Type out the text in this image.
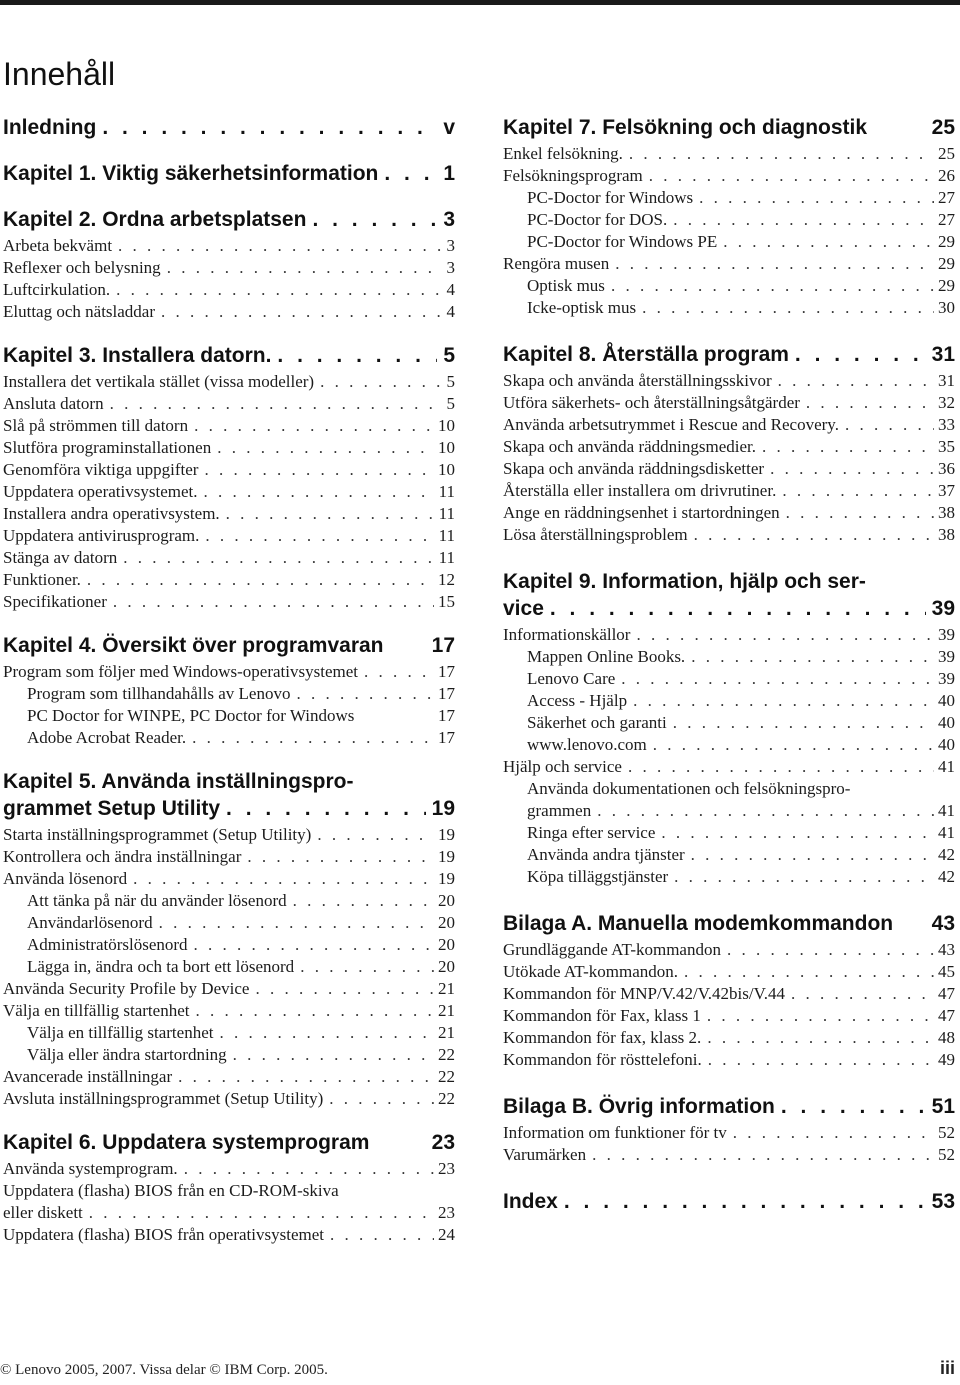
Innehåll
Inledning . . .	v
Kapitel 1. Viktig säkerhetsinformation . . .	1
Kapitel 2. Ordna arbetsplatsen . . .	3
Arbeta bekvämt . . .	3
Reflexer och belysning . . .	3
Luftcirkulation. . . .	4
Eluttag och nätsladdar . . .	4
Kapitel 3. Installera datorn. . . .	5
Installera det vertikala stället (vissa modeller) . . .	5
Ansluta datorn . . .	5
Slå på strömmen till datorn . . .	10
Slutföra programinstallationen . . .	10
Genomföra viktiga uppgifter . . .	10
Uppdatera operativsystemet. . . .	11
Installera andra operativsystem. . . .	11
Uppdatera antivirusprogram. . . .	11
Stänga av datorn . . .	11
Funktioner. . . .	12
Specifikationer . . .	15
Kapitel 4. Översikt över programvaran 17
Program som följer med Windows-operativsystemet . . .	17
Program som tillhandahålls av Lenovo . . .	17
PC Doctor for WINPE, PC Doctor for Windows	17
Adobe Acrobat Reader. . . .	17
Kapitel 5. Använda inställningspro-
grammet Setup Utility . . .	19
Starta inställningsprogrammet (Setup Utility) . . .	19
Kontrollera och ändra inställningar . . .	19
Använda lösenord . . .	19
Att tänka på när du använder lösenord . . .	20
Användarlösenord . . .	20
Administratörslösenord . . .	20
Lägga in, ändra och ta bort ett lösenord . . .	20
Använda Security Profile by Device . . .	21
Välja en tillfällig startenhet . . .	21
Välja en tillfällig startenhet . . .	21
Välja eller ändra startordning . . .	22
Avancerade inställningar . . .	22
Avsluta inställningsprogrammet (Setup Utility) . . .	22
Kapitel 6. Uppdatera systemprogram	23
Använda systemprogram. . . .	23
Uppdatera (flasha) BIOS från en CD-ROM-skiva
eller diskett . . .	23
Uppdatera (flasha) BIOS från operativsystemet . . .	24
Kapitel 7. Felsökning och diagnostik	25
Enkel felsökning. . . .	25
Felsökningsprogram . . .	26
PC-Doctor for Windows . . .	27
PC-Doctor for DOS. . . .	27
PC-Doctor for Windows PE . . .	29
Rengöra musen . . .	29
Optisk mus . . .	29
Icke-optisk mus . . .	30
Kapitel 8. Återställa program . . .	31
Skapa och använda återställningsskivor . . .	31
Utföra säkerhets- och återställningsåtgärder . . .	32
Använda arbetsutrymmet i Rescue and Recovery. . . .	33
Skapa och använda räddningsmedier. . . .	35
Skapa och använda räddningsdisketter . . .	36
Återställa eller installera om drivrutiner. . . .	37
Ange en räddningsenhet i startordningen . . .	38
Lösa återställningsproblem . . .	38
Kapitel 9. Information, hjälp och ser-
vice . . .	39
Informationskällor . . .	39
Mappen Online Books. . . .	39
Lenovo Care . . .	39
Access - Hjälp . . .	40
Säkerhet och garanti . . .	40
www.lenovo.com . . .	40
Hjälp och service . . .	41
Använda dokumentationen och felsökningspro-
grammen . . .	41
Ringa efter service . . .	41
Använda andra tjänster . . .	42
Köpa tilläggstjänster . . .	42
Bilaga A. Manuella modemkommandon 43
Grundläggande AT-kommandon . . .	43
Utökade AT-kommandon. . . .	45
Kommandon för MNP/V.42/V.42bis/V.44 . . .	47
Kommandon för Fax, klass 1 . . .	47
Kommandon för fax, klass 2. . . .	48
Kommandon för rösttelefoni. . . .	49
Bilaga B. Övrig information . . .	51
Information om funktioner för tv . . .	52
Varumärken . . .	52
Index . . .	53
© Lenovo 2005, 2007. Vissa delar © IBM Corp. 2005.	iii
